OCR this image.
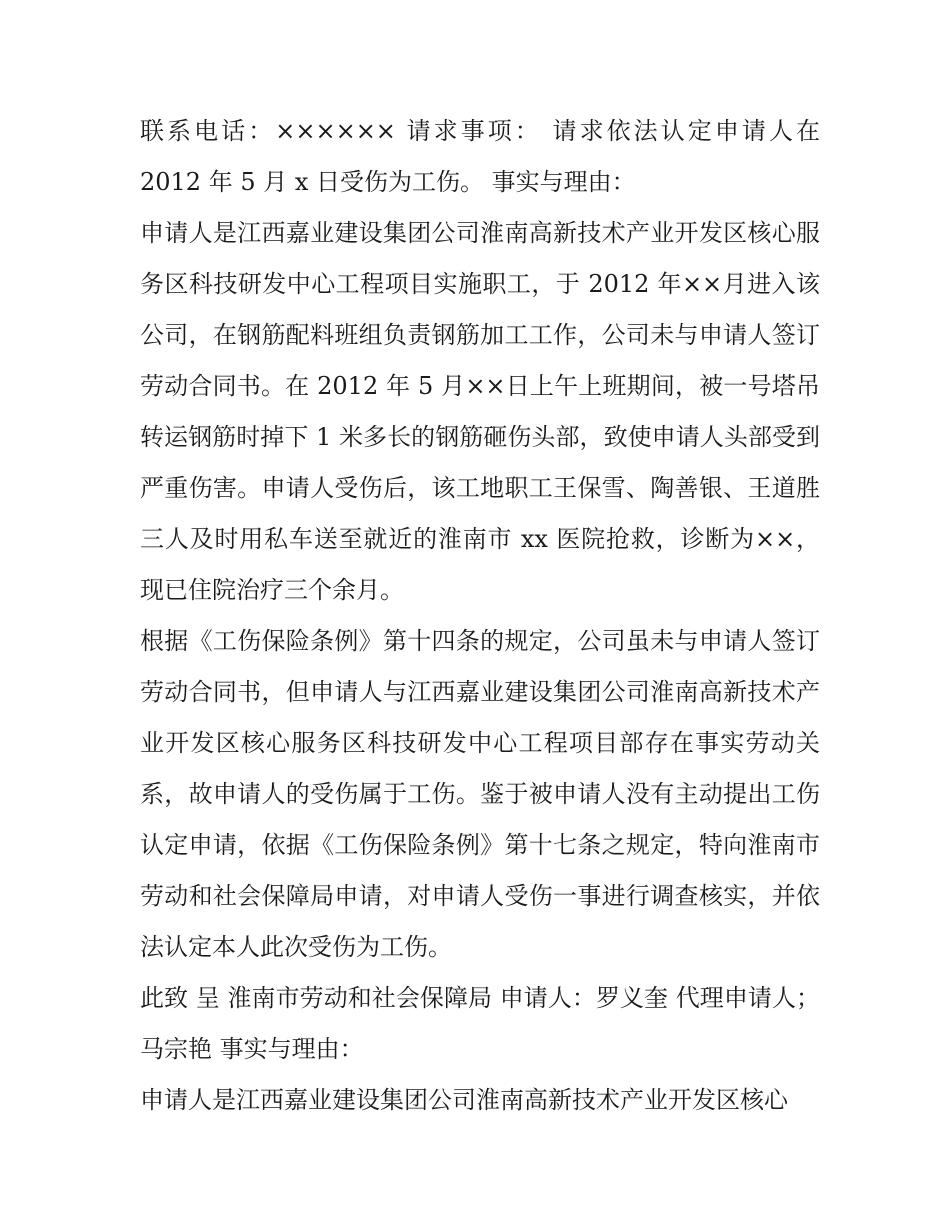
联系电话：×××××× 请求事项： 请求依法认定申请人在 2012 年 5 月 x 日受伤为工伤。 事实与理由：

申请人是江西嘉业建设集团公司淮南高新技术产业开发区核心服务区科技研发中心工程项目实施职工，于 2012 年××月进入该公司，在钢筋配料班组负责钢筋加工工作，公司未与申请人签订劳动合同书。在 2012 年 5 月××日上午上班期间，被一号塔吊转运钢筋时掉下 1 米多长的钢筋砸伤头部，致使申请人头部受到严重伤害。申请人受伤后，该工地职工王保雪、陶善银、王道胜三人及时用私车送至就近的淮南市 xx 医院抢救，诊断为××，现已住院治疗三个余月。

根据《工伤保险条例》第十四条的规定，公司虽未与申请人签订劳动合同书，但申请人与江西嘉业建设集团公司淮南高新技术产业开发区核心服务区科技研发中心工程项目部存在事实劳动关系，故申请人的受伤属于工伤。鉴于被申请人没有主动提出工伤认定申请，依据《工伤保险条例》第十七条之规定，特向淮南市劳动和社会保障局申请，对申请人受伤一事进行调查核实，并依法认定本人此次受伤为工伤。

此致 呈 淮南市劳动和社会保障局 申请人：罗义奎 代理申请人；马宗艳 事实与理由：

申请人是江西嘉业建设集团公司淮南高新技术产业开发区核心
